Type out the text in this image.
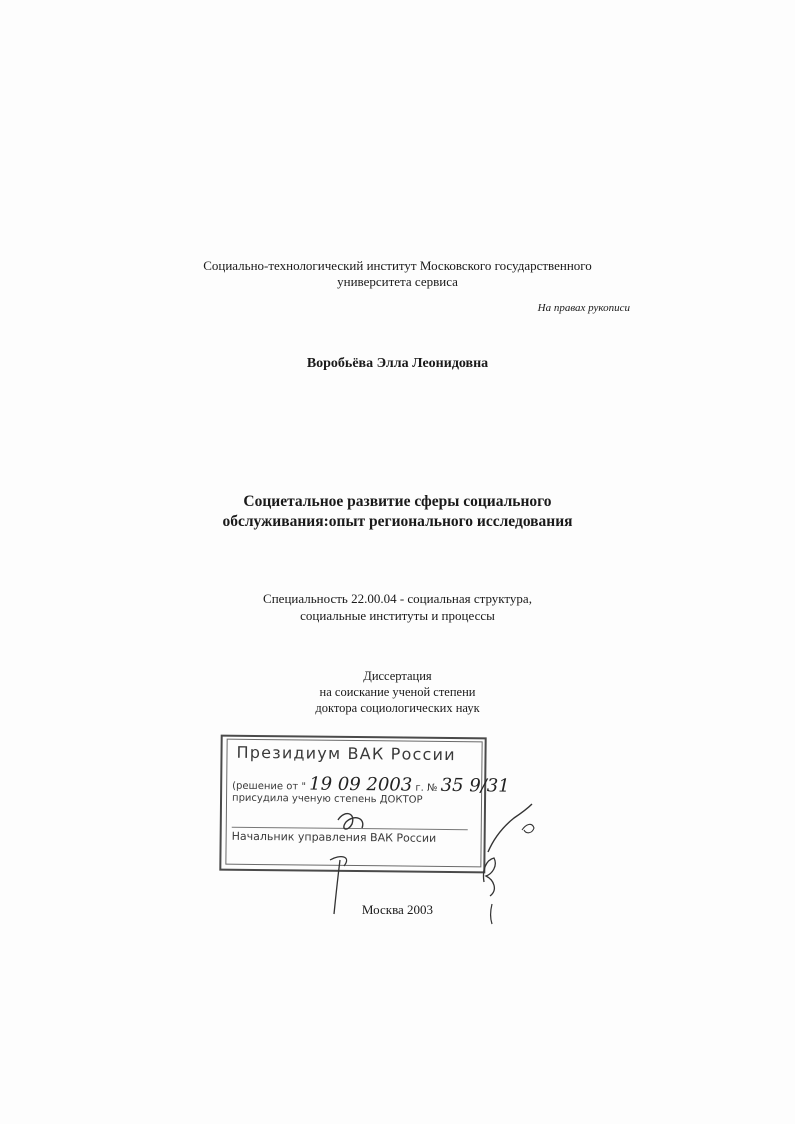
Социально-технологический институт Московского государственного
университета сервиса
На правах рукописи
Воробьёва Элла Леонидовна
Социетальное развитие сферы социального
обслуживания:опыт регионального исследования
Специальность 22.00.04 - социальная структура,
социальные институты и процессы
Диссертация
на соискание ученой степени
доктора социологических наук
Президиум ВАК России
(решение от " 19 09 2003 г. № 35 9/31
присудила ученую степень ДОКТОР
Начальник управления ВАК России
Москва 2003
